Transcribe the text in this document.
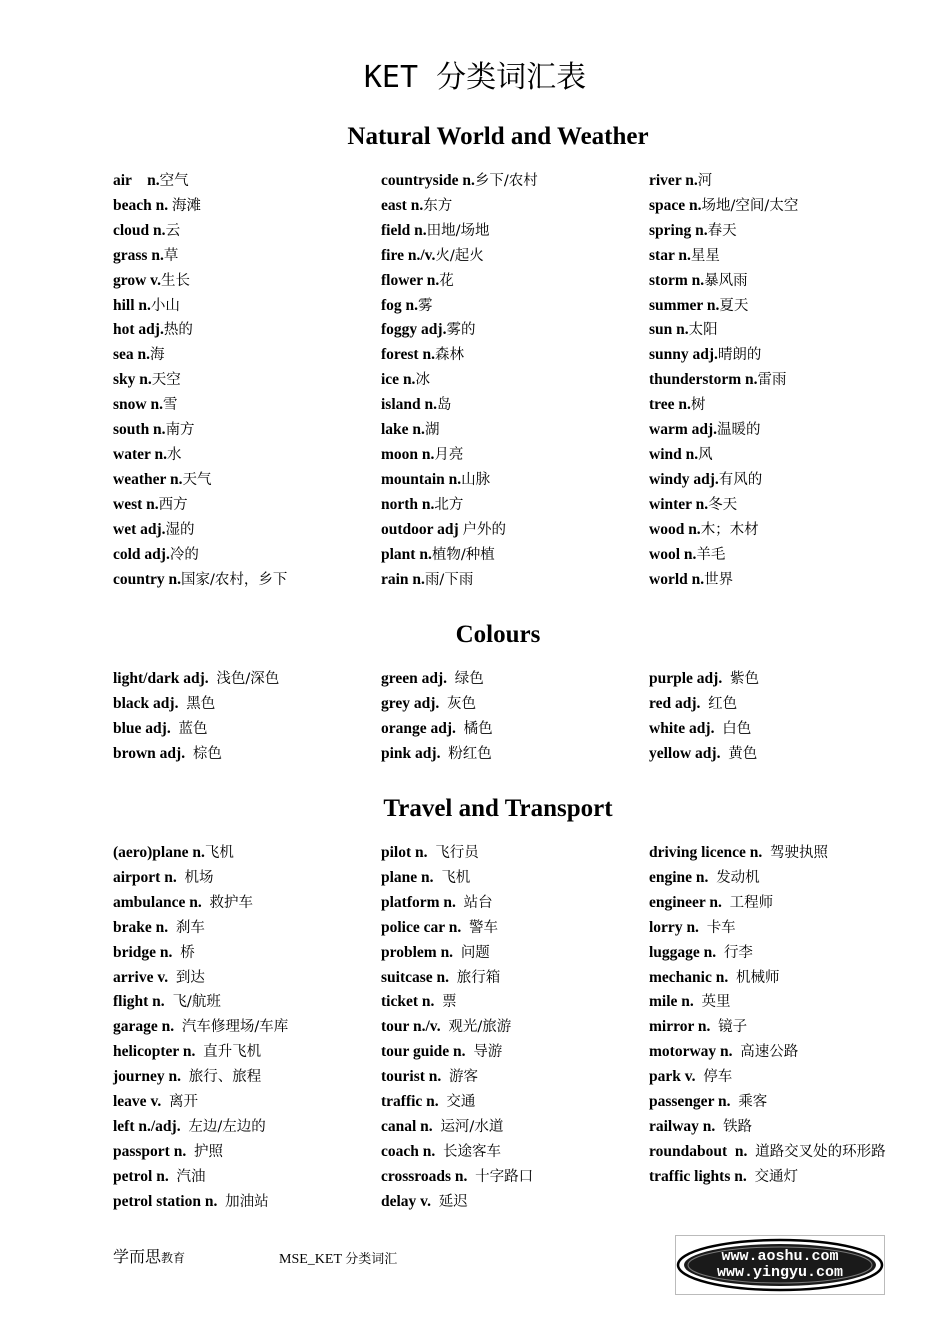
KET 分类词汇表
Natural World and Weather
air    n.空气
beach n. 海滩
cloud n.云
grass n.草
grow v.生长
hill n.小山
hot adj.热的
sea n.海
sky n.天空
snow n.雪
south n.南方
water n.水
weather n.天气
west n.西方
wet adj.湿的
cold adj.冷的
country n.国家/农村，乡下
countryside n.乡下/农村
east n.东方
field n.田地/场地
fire n./v.火/起火
flower n.花
fog n.雾
foggy adj.雾的
forest n.森林
ice n.冰
island n.岛
lake n.湖
moon n.月亮
mountain n.山脉
north n.北方
outdoor adj 户外的
plant n.植物/种植
rain n.雨/下雨
river n.河
space n.场地/空间/太空
spring n.春天
star n.星星
storm n.暴风雨
summer n.夏天
sun n.太阳
sunny adj.晴朗的
thunderstorm n.雷雨
tree n.树
warm adj.温暖的
wind n.风
windy adj.有风的
winter n.冬天
wood n.木；木材
wool n.羊毛
world n.世界
Colours
light/dark adj.  浅色/深色
black adj.  黑色
blue adj.  蓝色
brown adj.  棕色
green adj.  绿色
grey adj.  灰色
orange adj.  橘色
pink adj.  粉红色
purple adj.  紫色
red adj.  红色
white adj.  白色
yellow adj.  黄色
Travel and Transport
(aero)plane n.飞机
airport n.  机场
ambulance n.  救护车
brake n.  刹车
bridge n.  桥
arrive v.  到达
flight n.  飞/航班
garage n.  汽车修理场/车库
helicopter n.  直升飞机
journey n.  旅行、旅程
leave v.  离开
left n./adj.  左边/左边的
passport n.  护照
petrol n.  汽油
petrol station n.  加油站
pilot n.  飞行员
plane n.  飞机
platform n.  站台
police car n.  警车
problem n.  问题
suitcase n.  旅行箱
ticket n.  票
tour n./v.  观光/旅游
tour guide n.  导游
tourist n.  游客
traffic n.  交通
canal n.  运河/水道
coach n.  长途客车
crossroads n.  十字路口
delay v.  延迟
driving licence n.  驾驶执照
engine n.  发动机
engineer n.  工程师
lorry n.  卡车
luggage n.  行李
mechanic n.  机械师
mile n.  英里
mirror n.  镜子
motorway n.  高速公路
park v.  停车
passenger n.  乘客
railway n.  铁路
roundabout  n.  道路交叉处的环形路
traffic lights n.  交通灯
学而思教育	MSE_KET 分类词汇	www.aoshu.com
www.yingyu.com
